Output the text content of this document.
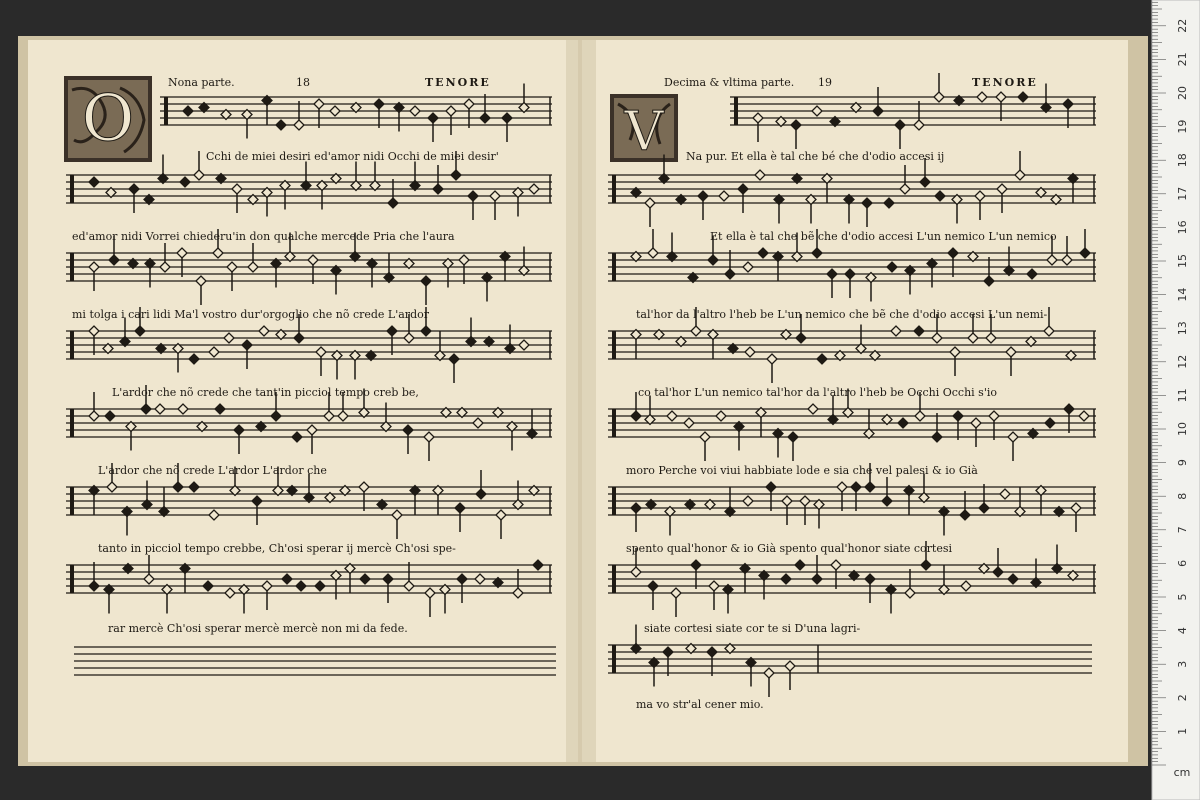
1
2
3
4
5
6
7
8
9
10
11
12
13
14
15
16
17
18
19
20
21
22
cm
Nona parte.	18	TENORE
O	Decima & vltima parte. 19	TENORE
V
Cchi de miei desiri ed'amor nidi Occhi de miei desir'
ed'amor nidi Vorrei chiederu'in don qualche mercede Pria che l'aura
mi tolga i cari lidi Ma'l vostro dur'orgoglio che nõ crede L'ardor
L'ardor che nõ crede che tant'in picciol tempo creb be,
L'ardor che nõ crede L'ardor L'ardor che
tanto in picciol tempo crebbe, Ch'osi sperar ij mercè Ch'osi spe-
rar mercè Ch'osi sperar mercè mercè non mi da fede.
Na pur. Et ella è tal che bé che d'odio accesi ij
Et ella è tal che bẽ che d'odio accesi L'un nemico L'un nemico
tal'hor da l'altro l'heb be L'un nemico che bẽ che d'odio accesi L'un nemi-
co tal'hor L'un nemico tal'hor da l'altro l'heb be Occhi Occhi s'io
moro Perche voi viui habbiate lode e sia che vel palesi & io Già
spento qual'honor & io Già spento qual'honor siate cortesi
siate cortesi siate cor te si D'una lagri-
ma vo str'al cener mio.
